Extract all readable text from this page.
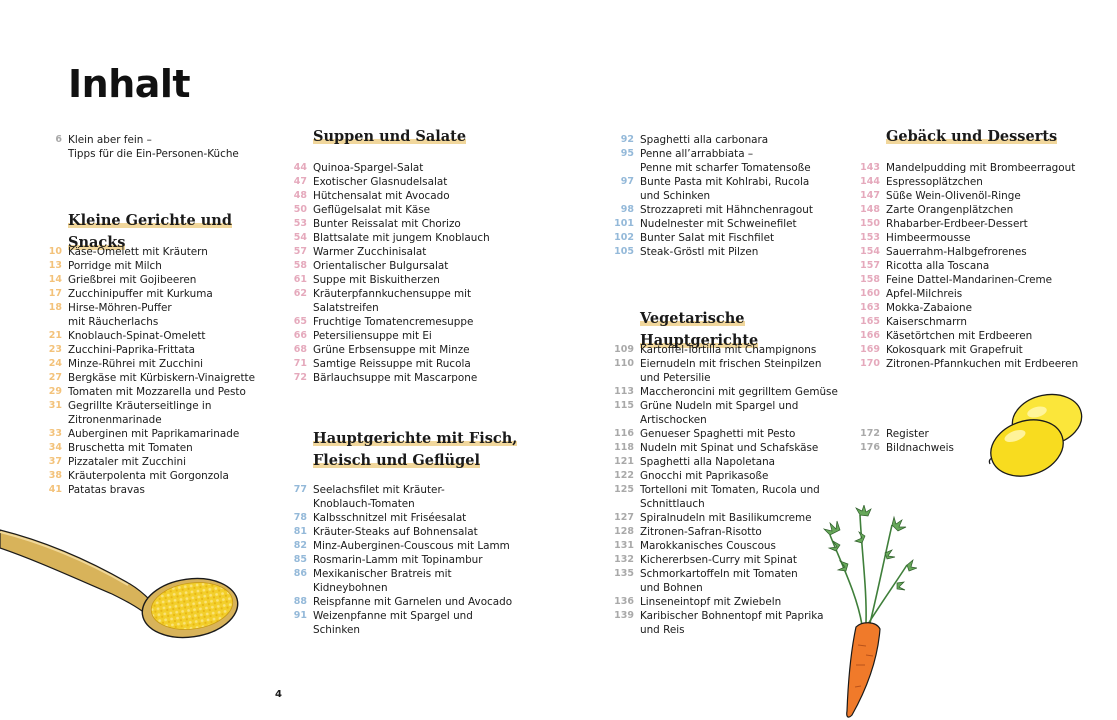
Inhalt
6 Klein aber fein –
Tipps für die Ein-Personen-Küche
Kleine Gerichte und Snacks
10 Käse-Omelett mit Kräutern
13 Porridge mit Milch
14 Grießbrei mit Gojibeeren
17 Zucchinipuffer mit Kurkuma
18 Hirse-Möhren-Puffer
mit Räucherlachs
21 Knoblauch-Spinat-Omelett
23 Zucchini-Paprika-Frittata
24 Minze-Rührei mit Zucchini
27 Bergkäse mit Kürbiskern-Vinaigrette
29 Tomaten mit Mozzarella und Pesto
31 Gegrillte Kräuterseitlinge in
Zitronenmarinade
33 Auberginen mit Paprikamarinade
34 Bruschetta mit Tomaten
37 Pizzataler mit Zucchini
38 Kräuterpolenta mit Gorgonzola
41 Patatas bravas
Suppen und Salate
44 Quinoa-Spargel-Salat
47 Exotischer Glasnudelsalat
48 Hütchensalat mit Avocado
50 Geflügelsalat mit Käse
53 Bunter Reissalat mit Chorizo
54 Blattsalate mit jungem Knoblauch
57 Warmer Zucchinisalat
58 Orientalischer Bulgursalat
61 Suppe mit Biskuitherzen
62 Kräuterpfannkuchensuppe mit
Salatstreifen
65 Fruchtige Tomatencremesuppe
66 Petersiliensuppe mit Ei
68 Grüne Erbsensuppe mit Minze
71 Samtige Reissuppe mit Rucola
72 Bärlauchsuppe mit Mascarpone
Hauptgerichte mit Fisch,
Fleisch und Geflügel
77 Seelachsfilet mit Kräuter-
Knoblauch-Tomaten
78 Kalbsschnitzel mit Friséesalat
81 Kräuter-Steaks auf Bohnensalat
82 Minz-Auberginen-Couscous mit Lamm
85 Rosmarin-Lamm mit Topinambur
86 Mexikanischer Bratreis mit
Kidneybohnen
88 Reispfanne mit Garnelen und Avocado
91 Weizenpfanne mit Spargel und
Schinken
92 Spaghetti alla carbonara
95 Penne all’arrabbiata –
Penne mit scharfer Tomatensoße
97 Bunte Pasta mit Kohlrabi, Rucola
und Schinken
98 Strozzapreti mit Hähnchenragout
101 Nudelnester mit Schweinefilet
102 Bunter Salat mit Fischfilet
105 Steak-Gröstl mit Pilzen
Vegetarische Hauptgerichte
109 Kartoffel-Tortilla mit Champignons
110 Eiernudeln mit frischen Steinpilzen
und Petersilie
113 Maccheroncini mit gegrilltem Gemüse
115 Grüne Nudeln mit Spargel und
Artischocken
116 Genueser Spaghetti mit Pesto
118 Nudeln mit Spinat und Schafskäse
121 Spaghetti alla Napoletana
122 Gnocchi mit Paprikasoße
125 Tortelloni mit Tomaten, Rucola und
Schnittlauch
127 Spiralnudeln mit Basilikumcreme
128 Zitronen-Safran-Risotto
131 Marokkanisches Couscous
132 Kichererbsen-Curry mit Spinat
135 Schmorkartoffeln mit Tomaten
und Bohnen
136 Linseneintopf mit Zwiebeln
139 Karibischer Bohnentopf mit Paprika
und Reis
Gebäck und Desserts
143 Mandelpudding mit Brombeerragout
144 Espressoplätzchen
147 Süße Wein-Olivenöl-Ringe
148 Zarte Orangenplätzchen
150 Rhabarber-Erdbeer-Dessert
153 Himbeermousse
154 Sauerrahm-Halbgefrorenes
157 Ricotta alla Toscana
158 Feine Dattel-Mandarinen-Creme
160 Apfel-Milchreis
163 Mokka-Zabaione
165 Kaiserschmarrn
166 Käsetörtchen mit Erdbeeren
169 Kokosquark mit Grapefruit
170 Zitronen-Pfannkuchen mit Erdbeeren
172 Register
176 Bildnachweis
4
